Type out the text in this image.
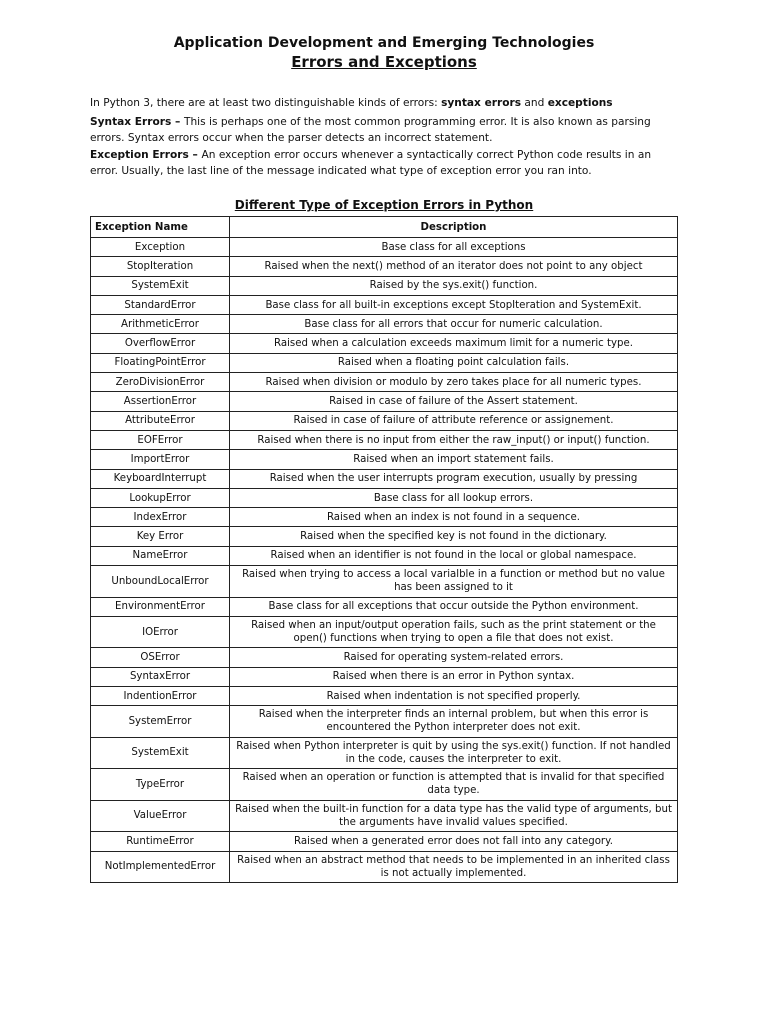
Application Development and Emerging Technologies
Errors and Exceptions
In Python 3, there are at least two distinguishable kinds of errors: syntax errors and exceptions
Syntax Errors – This is perhaps one of the most common programming error. It is also known as parsing errors. Syntax errors occur when the parser detects an incorrect statement.
Exception Errors – An exception error occurs whenever a syntactically correct Python code results in an error. Usually, the last line of the message indicated what type of exception error you ran into.
Different Type of Exception Errors in Python
Exception Name	Description
Exception	Base class for all exceptions
StopIteration	Raised when the next() method of an iterator does not point to any object
SystemExit	Raised by the sys.exit() function.
StandardError	Base class for all built-in exceptions except StopIteration and SystemExit.
ArithmeticError	Base class for all errors that occur for numeric calculation.
OverflowError	Raised when a calculation exceeds maximum limit for a numeric type.
FloatingPointError	Raised when a floating point calculation fails.
ZeroDivisionError	Raised when division or modulo by zero takes place for all numeric types.
AssertionError	Raised in case of failure of the Assert statement.
AttributeError	Raised in case of failure of attribute reference or assignement.
EOFError	Raised when there is no input from either the raw_input() or input() function.
ImportError	Raised when an import statement fails.
KeyboardInterrupt	Raised when the user interrupts program execution, usually by pressing
LookupError	Base class for all lookup errors.
IndexError	Raised when an index is not found in a sequence.
Key Error	Raised when the specified key is not found in the dictionary.
NameError	Raised when an identifier is not found in the local or global namespace.
UnboundLocalError	Raised when trying to access a local varialble in a function or method but no value has been assigned to it
EnvironmentError	Base class for all exceptions that occur outside the Python environment.
IOError	Raised when an input/output operation fails, such as the print statement or the open() functions when trying to open a file that does not exist.
OSError	Raised for operating system-related errors.
SyntaxError	Raised when there is an error in Python syntax.
IndentionError	Raised when indentation is not specified properly.
SystemError	Raised when the interpreter finds an internal problem, but when this error is encountered the Python interpreter does not exit.
SystemExit	Raised when Python interpreter is quit by using the sys.exit() function. If not handled in the code, causes the interpreter to exit.
TypeError	Raised when an operation or function is attempted that is invalid for that specified data type.
ValueError	Raised when the built-in function for a data type has the valid type of arguments, but the arguments have invalid values specified.
RuntimeError	Raised when a generated error does not fall into any category.
NotImplementedError	Raised when an abstract method that needs to be implemented in an inherited class is not actually implemented.
